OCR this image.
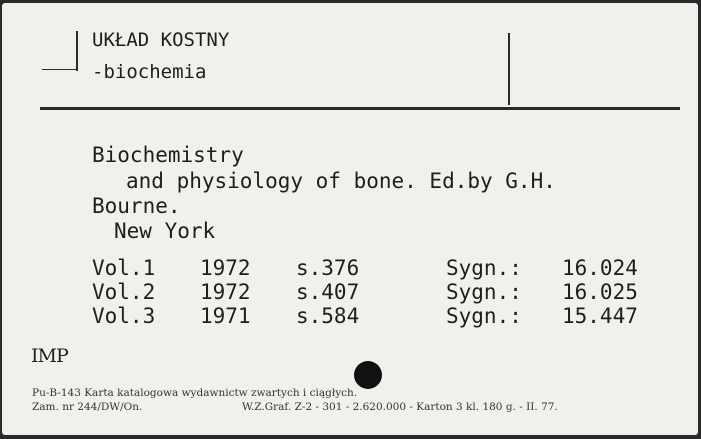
UKŁAD KOSTNY
-biochemia
Biochemistry
and physiology of bone. Ed.by G.H.
Bourne.
New York
Vol.1 1972 s.376	Sygn.: 16.024
Vol.2 1972 s.407	Sygn.: 16.025
Vol.3 1971 s.584	Sygn.: 15.447
IMP
Pu-B-143 Karta katalogowa wydawnictw zwartych i ciągłych.
Zam. nr 244/DW/On.	W.Z.Graf. Z-2 - 301 - 2.620.000 - Karton 3 kl. 180 g. - II. 77.
